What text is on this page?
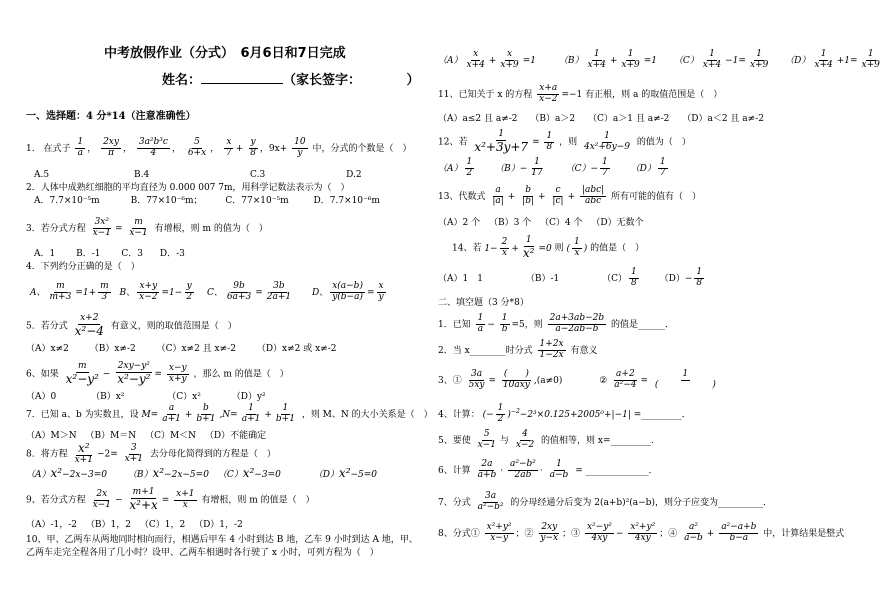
中考放假作业（分式）　6月6日和7日完成
姓名：	（家长签字：　　　　）
一、选择题：4 分*14（注意准确性）
1.　在式子 $\frac{1}{a}$ ， $\frac{2xy}{\pi}$ ， $\frac{\text{3a²b³c}}{4}$ ， $\frac{5}{6+x}$ ， $\frac{x}{7} + \frac{y}{8}$ ，$9x+ \frac{10}{y}$ 中，分式的个数是（　）
A.5	B.4	C.3	D.2
2．人体中成熟红细胞的平均直径为 0.000 007 7m，用科学记数法表示为（　）
A．7.7×10⁻⁵m	B．77×10⁻⁶m；	C．77×10⁻⁵m	D．7.7×10⁻⁶m
3．若分式方程 $\frac{\text{3x²}}{x-1} = \frac{m}{x-1}$ 有增根，则 m 的值为（　）
A．1 B．-1 C．3 D．-3
4．下列约分正确的是（　）
A、 $\frac{m}{m+3} =1+ \frac{m}{3}$ B、 $\frac{x+y}{x-2} =1- \frac{y}{2}$ C、 $\frac{9b}{6a+3} = \frac{3b}{2a+1}$ D、 $\frac{x(a-b)}{y(b-a)} = \frac{x}{y}$
5．若分式 $\frac{x+2}{\text{x²−4}}$ 有意义，则的取值范围是（　）
（A）x≠2 （B）x≠-2 （C）x≠2 且 x≠-2 （D）x≠2 或 x≠-2
6、如果 $\frac{m}{\text{x²−y²}} - \frac{\text{2xy−y²}}{\text{x²−y²}} = \frac{x-y}{x+y}$ ，那么 m 的值是（　）
（A）0	（B）x²	（C）x²	（D）y²
7．已知 a、b 为实数且，设 $M= \frac{a}{a+1} + \frac{b}{b+1} ,N= \frac{1}{a+1} + \frac{1}{b+1}$ ，则 M、N 的大小关系是（　）
（A）M＞N （B）M＝N （C）M＜N （D）不能确定
8．将方程 $\frac{\text{x²}}{x+1} -2= \frac{3}{x+1}$ 去分母化简得到的方程是（　）
（A）x²−2x−3=0 （B）x²−2x−5=0 （C）x²−3=0	（D）x²−5=0
9、若分式方程 $\frac{2x}{x-1} - \frac{m+1}{\text{x²+x}} = \frac{x+1}{x}$ 有增根，则 m 的值是（　）
（A）-1，-2 （B）1，2 （C）1，2 （D）1，-2
10、甲、乙两车从两地同时相向而行，相遇后甲车 4 小时到达 B 地，乙车 9 小时到达 A 地，甲、
乙两车走完全程各用了几小时？设甲、乙两车相遇时各行驶了 x 小时，可列方程为（　）
$(A) \frac{x}{x+4} + \frac{x}{x+9} =1$	$(B) \frac{1}{x+4} + \frac{1}{x+9} =1$ $(C) \frac{1}{x+4} -1= \frac{1}{x+9} (D) \frac{1}{x+4} +1= \frac{1}{x+9}$
11、已知关于 x 的方程 $\frac{x+a}{x-2} =-1$ 有正根，则 a 的取值范围是（　）
（A）a≤2 且 a≠-2 （B）a＞2 （C）a＞1 且 a≠-2 （D）a＜2 且 a≠-2
12、若 $\frac{1}{\text{x²+3y+7}} = \frac{1}{8}$ ，则 $\frac{1}{\text{4x²+6y−9}}$ 的值为（　）
$(A) \frac{1}{2} (B)- \frac{1}{17} (C)- \frac{1}{7} (D) \frac{1}{7}$
13、代数式 $\frac{a}{|a|} + \frac{b}{|b|} + \frac{c}{|c|} + \frac{\text{|abc|}}{\text{abc}}$ 所有可能的值有（　）
（A）2 个 （B）3 个 （C）4 个 （D）无数个
14、若 $1- \frac{2}{x} + \frac{1}{\text{x²}} =0$ 则 ( $\frac{1}{x}$ ) 的值是（　）
（A）1　1	（B）-1	$(C) \frac{1}{8} (D)- \frac{1}{8}$
二、填空题（3 分*8）
1．已知 $\frac{1}{a} - \frac{1}{b} =5$，则 $\frac{2a+3ab-2b}{a-2ab-b}$ 的值是______．
2．当 x________时分式 $\frac{1+2x}{1-2x}$ 有意义
3、① $\frac{3a}{5xy} = \frac{( )}{\text{10axy}} ,(a\ne 0)$	② $\frac{a+2}{\text{a²−4}} = \frac{1}{( )}$
4、计算： (− $\frac{1}{2} )^{-2}-2^3\times 0.125+2005^0+|-1|$ =_________．
5、要使 $\frac{5}{x-1}$ 与 $\frac{4}{x-2}$ 的值相等，则 x=_________．
6、计算 $\frac{2a}{a+b} \cdot \frac{\text{a²−b²}}{2ab} \cdot \frac{1}{a-b}$ = ______________．
7、分式 $\frac{3a}{\text{a²−b²}}$ 的分母经通分后变为 2(a+b)²(a−b)，则分子应变为__________．
8、分式① $\frac{\text{x²+y²}}{x-y}$ ；② $\frac{2xy}{y-x}$ ；③ $\frac{\text{x²−y²}}{4xy} - \frac{\text{x²+y²}}{4xy}$ ；④ $\frac{\text{a²}}{a-b} + \frac{\text{a²−a+b}}{b-a}$ 中，计算结果是整式
